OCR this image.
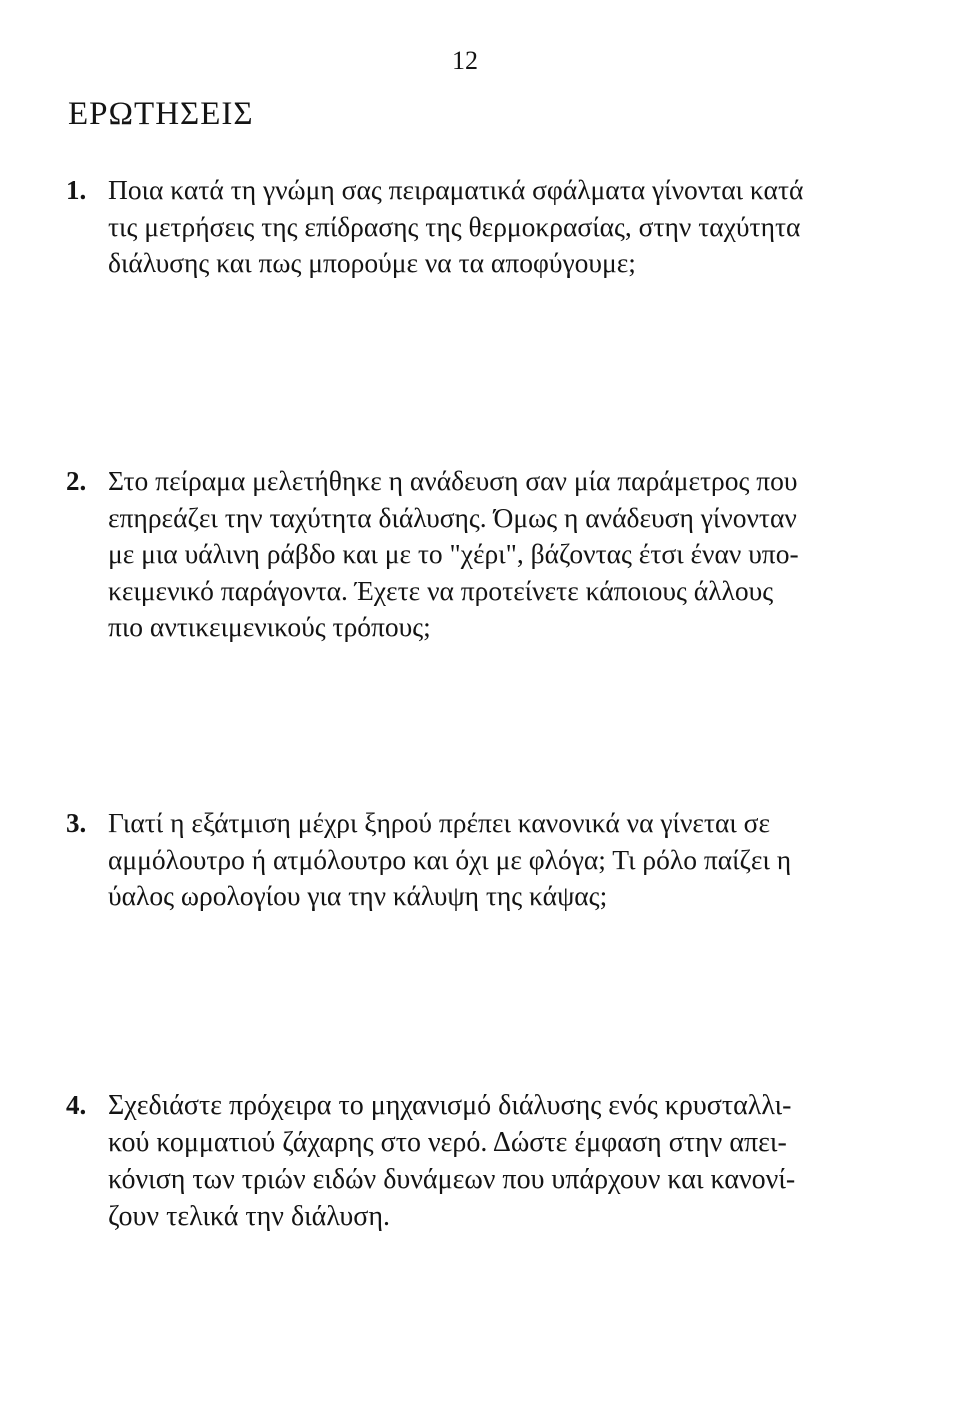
12
ΕΡΩΤΗΣΕΙΣ
1. Ποια κατά τη γνώμη σας πειραματικά σφάλματα γίνονται κατά
τις μετρήσεις της επίδρασης της θερμοκρασίας, στην ταχύτητα
διάλυσης και πως μπορούμε να τα αποφύγουμε;
2. Στο πείραμα μελετήθηκε η ανάδευση σαν μία παράμετρος που
επηρεάζει την ταχύτητα διάλυσης. Όμως η ανάδευση γίνονταν
με μια υάλινη ράβδο και με το "χέρι", βάζοντας έτσι έναν υπο-
κειμενικό παράγοντα. Έχετε να προτείνετε κάποιους άλλους
πιο αντικειμενικούς τρόπους;
3. Γιατί η εξάτμιση μέχρι ξηρού πρέπει κανονικά να γίνεται σε
αμμόλουτρο ή ατμόλουτρο και όχι με φλόγα; Τι ρόλο παίζει η
ύαλος ωρολογίου για την κάλυψη της κάψας;
4. Σχεδιάστε πρόχειρα το μηχανισμό διάλυσης ενός κρυσταλλι-
κού κομματιού ζάχαρης στο νερό. Δώστε έμφαση στην απει-
κόνιση των τριών ειδών δυνάμεων που υπάρχουν και κανονί-
ζουν τελικά την διάλυση.
